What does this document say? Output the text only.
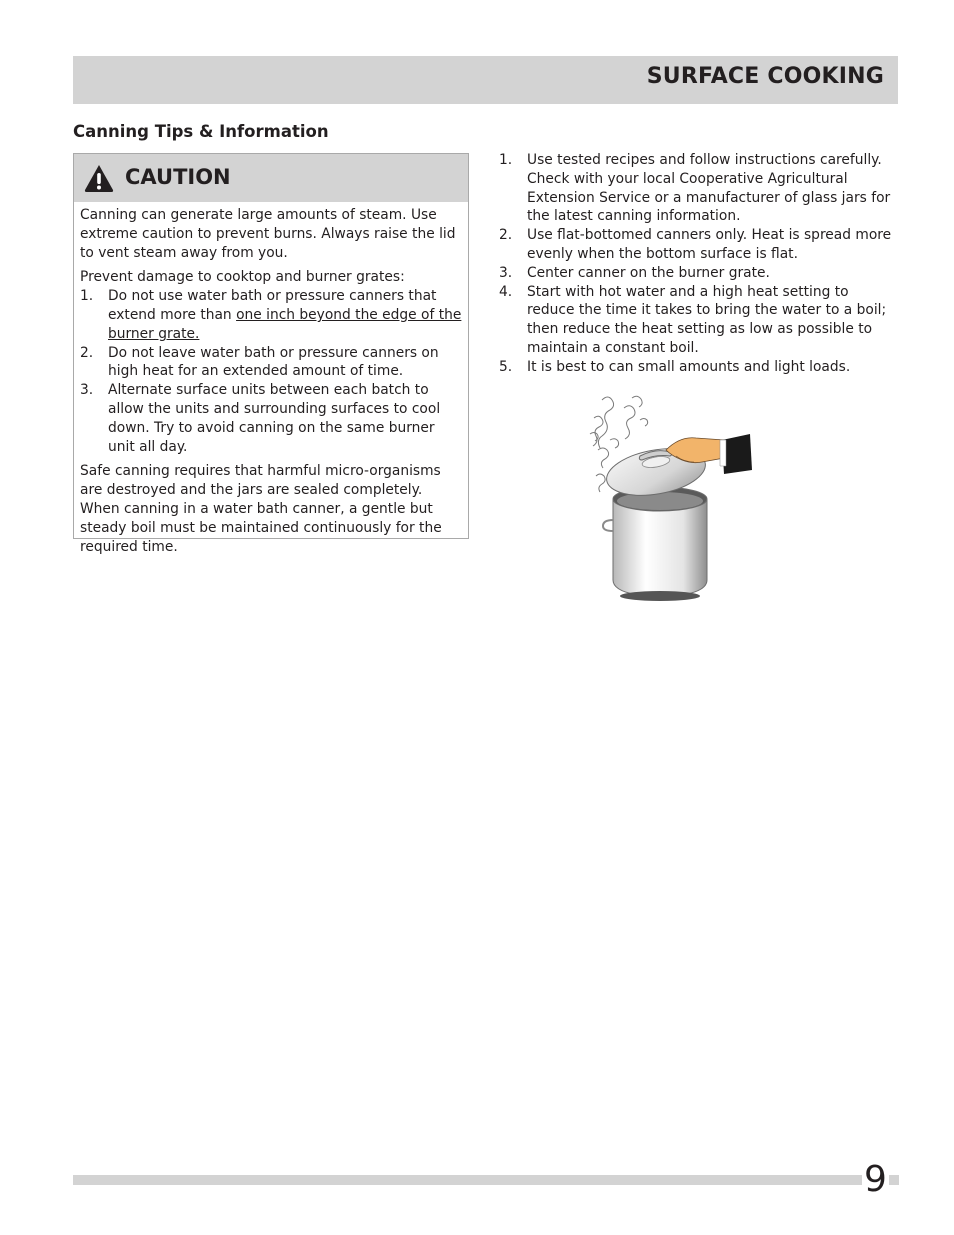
SURFACE COOKING
Canning Tips & Information
CAUTION

Canning can generate large amounts of steam. Use extreme caution to prevent burns. Always raise the lid to vent steam away from you.

Prevent damage to cooktop and burner grates:
1. Do not use water bath or pressure canners that extend more than one inch beyond the edge of the burner grate.
2. Do not leave water bath or pressure canners on high heat for an extended amount of time.
3. Alternate surface units between each batch to allow the units and surrounding surfaces to cool down. Try to avoid canning on the same burner unit all day.

Safe canning requires that harmful micro-organisms are destroyed and the jars are sealed completely. When canning in a water bath canner, a gentle but steady boil must be maintained continuously for the required time.

1. Use tested recipes and follow instructions carefully. Check with your local Cooperative Agricultural Extension Service or a manufacturer of glass jars for the latest canning information.
2. Use flat-bottomed canners only. Heat is spread more evenly when the bottom surface is flat.
3. Center canner on the burner grate.
4. Start with hot water and a high heat setting to reduce the time it takes to bring the water to a boil; then reduce the heat setting as low as possible to maintain a constant boil.
5. It is best to can small amounts and light loads.
9
